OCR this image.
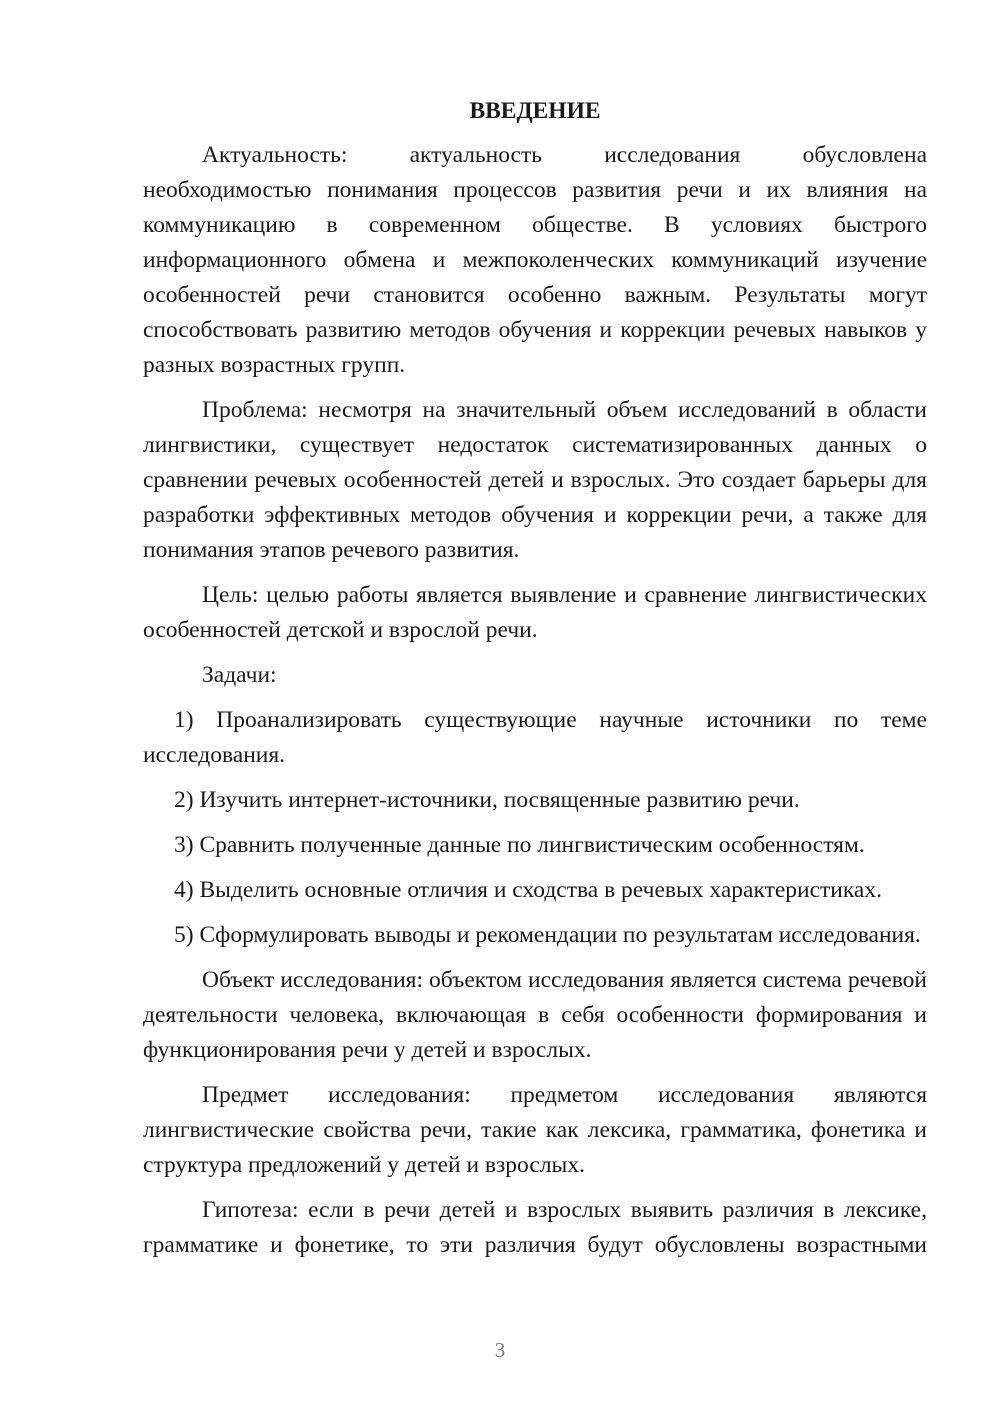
ВВЕДЕНИЕ

Актуальность: актуальность исследования обусловлена необходимостью понимания процессов развития речи и их влияния на коммуникацию в современном обществе. В условиях быстрого информационного обмена и межпоколенческих коммуникаций изучение особенностей речи становится особенно важным. Результаты могут способствовать развитию методов обучения и коррекции речевых навыков у разных возрастных групп.

Проблема: несмотря на значительный объем исследований в области лингвистики, существует недостаток систематизированных данных о сравнении речевых особенностей детей и взрослых. Это создает барьеры для разработки эффективных методов обучения и коррекции речи, а также для понимания этапов речевого развития.

Цель: целью работы является выявление и сравнение лингвистических особенностей детской и взрослой речи.

Задачи:

1) Проанализировать существующие научные источники по теме исследования.

2) Изучить интернет-источники, посвященные развитию речи.

3) Сравнить полученные данные по лингвистическим особенностям.

4) Выделить основные отличия и сходства в речевых характеристиках.

5) Сформулировать выводы и рекомендации по результатам исследования.

Объект исследования: объектом исследования является система речевой деятельности человека, включающая в себя особенности формирования и функционирования речи у детей и взрослых.

Предмет исследования: предметом исследования являются лингвистические свойства речи, такие как лексика, грамматика, фонетика и структура предложений у детей и взрослых.

Гипотеза: если в речи детей и взрослых выявить различия в лексике, грамматике и фонетике, то эти различия будут обусловлены возрастными

3
